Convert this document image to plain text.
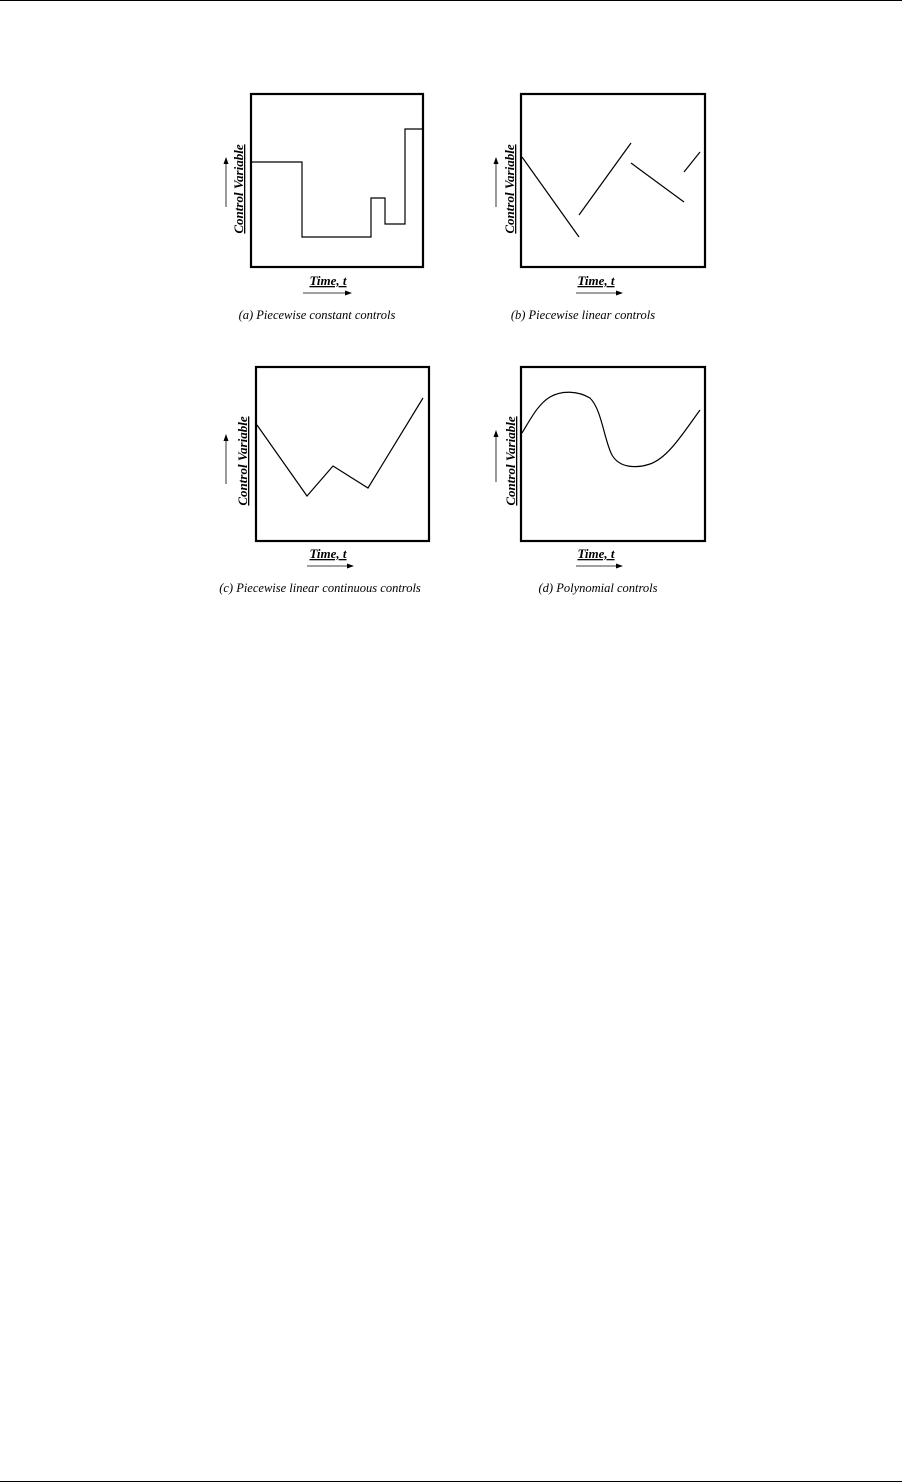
Time, t
Control Variable
(a) Piecewise constant controls
Time, t
Control Variable
(b) Piecewise linear controls
Time, t
Control Variable
(c) Piecewise linear continuous controls
Time, t
Control Variable
(d) Polynomial controls
